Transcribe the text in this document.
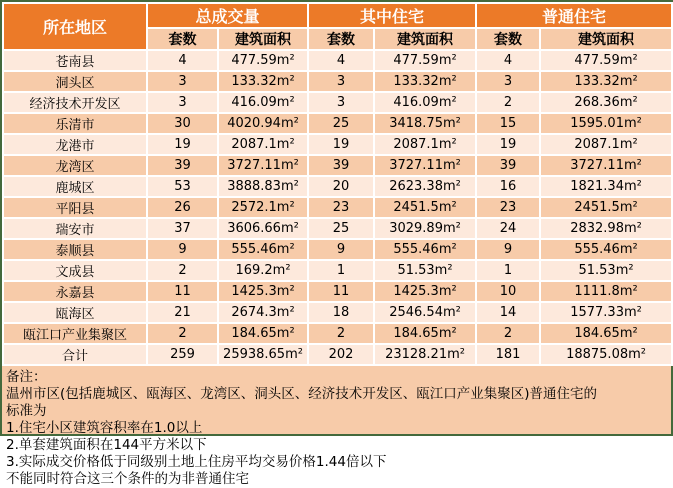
所在地区	总成交量		其中住宅		普通住宅	
	套数	建筑面积	套数	建筑面积	套数	建筑面积
苍南县	4	477.59m²	4	477.59m²	4	477.59m²
洞头区	3	133.32m²	3	133.32m²	3	133.32m²
经济技术开发区	3	416.09m²	3	416.09m²	2	268.36m²
乐清市	30	4020.94m²	25	3418.75m²	15	1595.01m²
龙港市	19	2087.1m²	19	2087.1m²	19	2087.1m²
龙湾区	39	3727.11m²	39	3727.11m²	39	3727.11m²
鹿城区	53	3888.83m²	20	2623.38m²	16	1821.34m²
平阳县	26	2572.1m²	23	2451.5m²	23	2451.5m²
瑞安市	37	3606.66m²	25	3029.89m²	24	2832.98m²
泰顺县	9	555.46m²	9	555.46m²	9	555.46m²
文成县	2	169.2m²	1	51.53m²	1	51.53m²
永嘉县	11	1425.3m²	11	1425.3m²	10	1111.8m²
瓯海区	21	2674.3m²	18	2546.54m²	14	1577.33m²
瓯江口产业集聚区	2	184.65m²	2	184.65m²	2	184.65m²
合计	259	25938.65m²	202	23128.21m²	181	18875.08m²
备注：
温州市区(包括鹿城区、瓯海区、龙湾区、洞头区、经济技术开发区、瓯江口产业集聚区)普通住宅的
标准为
1.住宅小区建筑容积率在1.0以上
2.单套建筑面积在144平方米以下
3.实际成交价格低于同级别土地上住房平均交易价格1.44倍以下
不能同时符合这三个条件的为非普通住宅
